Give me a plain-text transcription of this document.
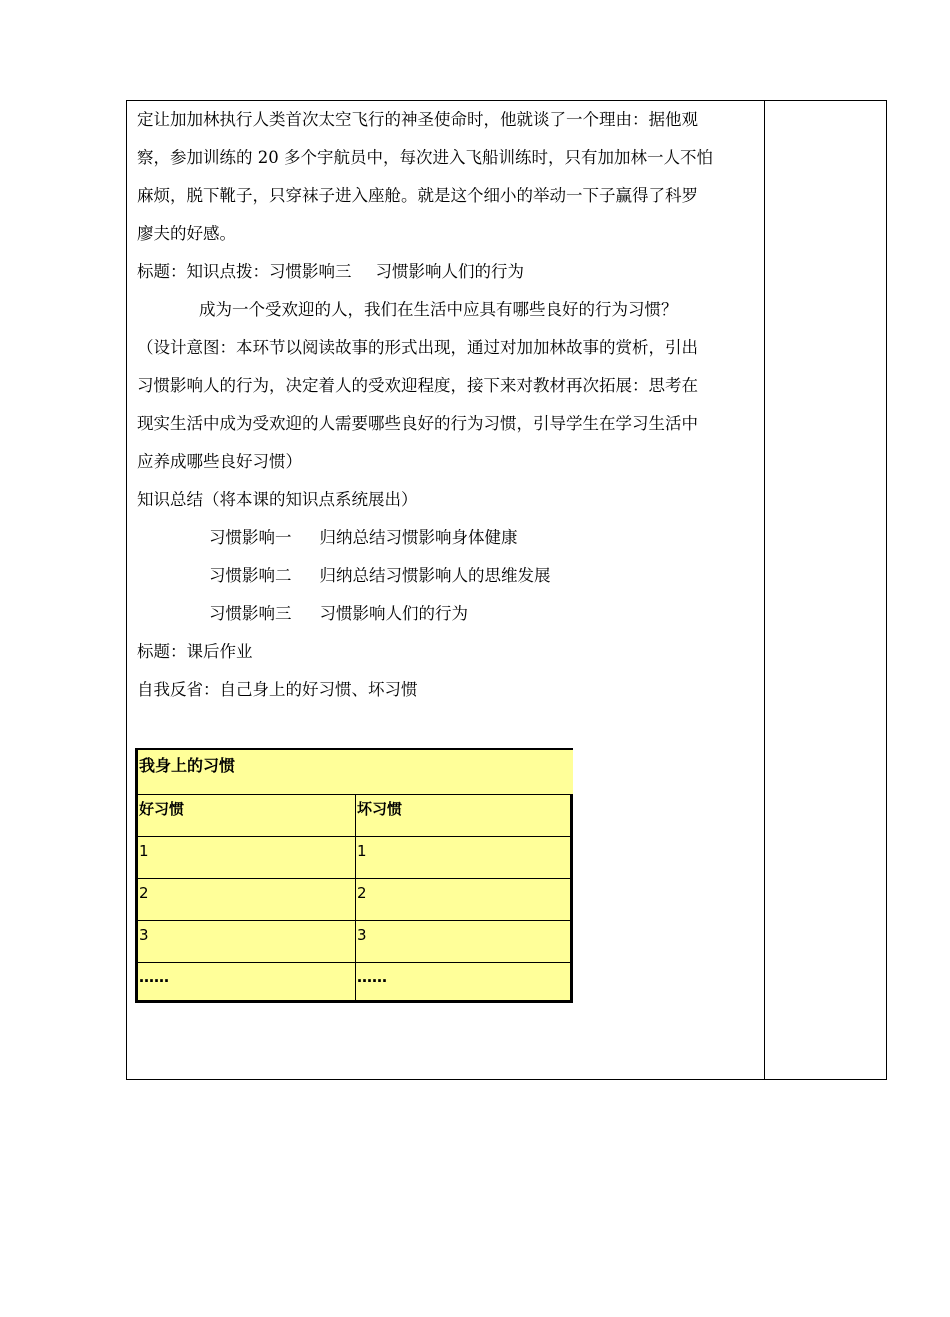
定让加加林执行人类首次太空飞行的神圣使命时，他就谈了一个理由：据他观
察，参加训练的 20 多个宇航员中，每次进入飞船训练时，只有加加林一人不怕
麻烦，脱下靴子，只穿袜子进入座舱。就是这个细小的举动一下子赢得了科罗
廖夫的好感。

标题：知识点拨：习惯影响三 习惯影响人们的行为

成为一个受欢迎的人，我们在生活中应具有哪些良好的行为习惯？

（设计意图：本环节以阅读故事的形式出现，通过对加加林故事的赏析，引出
习惯影响人的行为，决定着人的受欢迎程度，接下来对教材再次拓展：思考在
现实生活中成为受欢迎的人需要哪些良好的行为习惯，引导学生在学习生活中
应养成哪些良好习惯）

知识总结（将本课的知识点系统展出）
习惯影响一 归纳总结习惯影响身体健康
习惯影响二 归纳总结习惯影响人的思维发展
习惯影响三 习惯影响人们的行为

标题：课后作业
自我反省：自己身上的好习惯、坏习惯

我身上的习惯
好习惯	坏习惯
1	1
2	2
3	3
……	……
